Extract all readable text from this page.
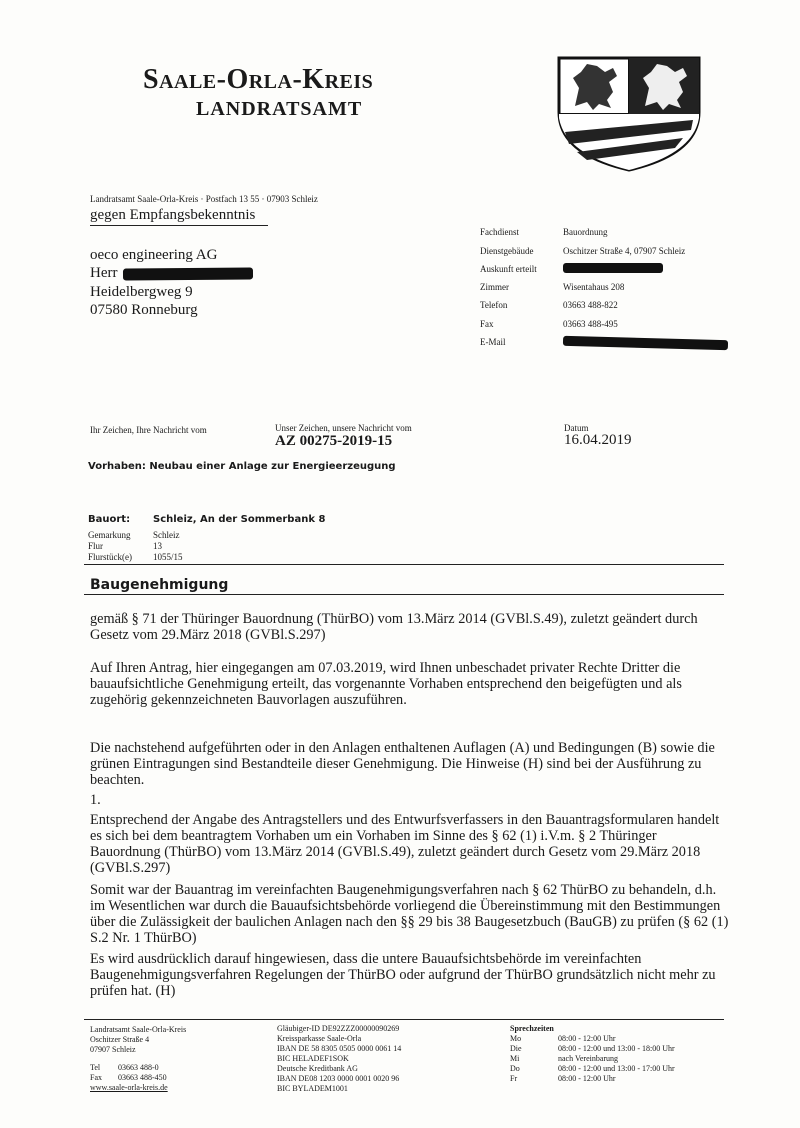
Saale-Orla-Kreis
LANDRATSAMT
Landratsamt Saale-Orla-Kreis · Postfach 13 55 · 07903 Schleiz
gegen Empfangsbekenntnis
oeco engineering AG
Herr
Heidelbergweg 9
07580 Ronneburg
Fachdienst	Bauordnung
Dienstgebäude	Oschitzer Straße 4, 07907 Schleiz
Auskunft erteilt
Zimmer	Wisentahaus 208
Telefon	03663 488-822
Fax	03663 488-495
E-Mail
Ihr Zeichen, Ihre Nachricht vom	Unser Zeichen, unsere Nachricht vom
AZ 00275-2019-15
Datum
16.04.2019
Vorhaben: Neubau einer Anlage zur Energieerzeugung
Bauort: Schleiz, An der Sommerbank 8
Gemarkung	Schleiz
Flur	13
Flurstück(e) 1055/15
Baugenehmigung
gemäß § 71 der Thüringer Bauordnung (ThürBO) vom 13.März 2014 (GVBl.S.49), zuletzt geändert durch Gesetz vom 29.März 2018 (GVBl.S.297)
Auf Ihren Antrag, hier eingegangen am 07.03.2019, wird Ihnen unbeschadet privater Rechte Dritter die bauaufsichtliche Genehmigung erteilt, das vorgenannte Vorhaben entsprechend den beigefügten und als zugehörig gekennzeichneten Bauvorlagen auszuführen.
Die nachstehend aufgeführten oder in den Anlagen enthaltenen Auflagen (A) und Bedingungen (B) sowie die grünen Eintragungen sind Bestandteile dieser Genehmigung. Die Hinweise (H) sind bei der Ausführung zu beachten.
1.
Entsprechend der Angabe des Antragstellers und des Entwurfsverfassers in den Bauantragsformularen handelt es sich bei dem beantragtem Vorhaben um ein Vorhaben im Sinne des § 62 (1) i.V.m. § 2 Thüringer Bauordnung (ThürBO) vom 13.März 2014 (GVBl.S.49), zuletzt geändert durch Gesetz vom 29.März 2018 (GVBl.S.297)
Somit war der Bauantrag im vereinfachten Baugenehmigungsverfahren nach § 62 ThürBO zu behandeln, d.h. im Wesentlichen war durch die Bauaufsichtsbehörde vorliegend die Übereinstimmung mit den Bestimmungen über die Zulässigkeit der baulichen Anlagen nach den §§ 29 bis 38 Baugesetzbuch (BauGB) zu prüfen (§ 62 (1) S.2 Nr. 1 ThürBO)
Es wird ausdrücklich darauf hingewiesen, dass die untere Bauaufsichtsbehörde im vereinfachten Baugenehmigungsverfahren Regelungen der ThürBO oder aufgrund der ThürBO grundsätzlich nicht mehr zu prüfen hat. (H)
Landratsamt Saale-Orla-Kreis
Oschitzer Straße 4
07907 Schleiz
Tel	03663 488-0
Fax	03663 488-450
www.saale-orla-kreis.de
Gläubiger-ID DE92ZZZ00000090269
Kreissparkasse Saale-Orla
IBAN DE 58 8305 0505 0000 0061 14
BIC HELADEF1SOK
Deutsche Kreditbank AG
IBAN DE08 1203 0000 0001 0020 96
BIC BYLADEM1001
Sprechzeiten
Mo	08:00 - 12:00 Uhr
Die	08:00 - 12:00 und 13:00 - 18:00 Uhr
Mi	nach Vereinbarung
Do	08:00 - 12:00 und 13:00 - 17:00 Uhr
Fr	08:00 - 12:00 Uhr
